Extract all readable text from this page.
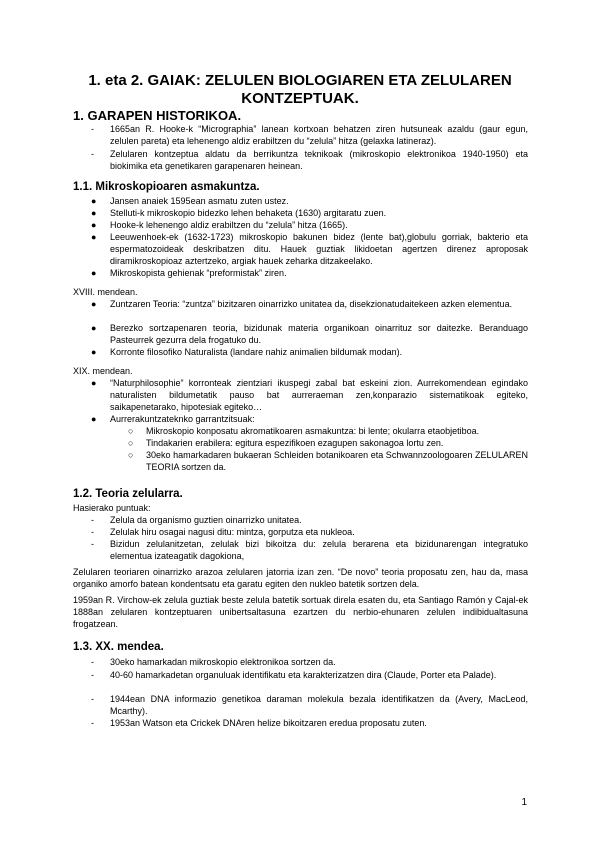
1. eta 2. GAIAK: ZELULEN BIOLOGIAREN ETA ZELULAREN KONTZEPTUAK.
1. GARAPEN HISTORIKOA.
- 1665an R. Hooke-k “Micrographia” lanean kortxoan behatzen ziren hutsuneak azaldu (gaur egun, zelulen pareta) eta lehenengo aldiz erabiltzen du “zelula” hitza (gelaxka latineraz).
- Zelularen kontzeptua aldatu da berrikuntza teknikoak (mikroskopio elektronikoa 1940-1950) eta biokimika eta genetikaren garapenaren heinean.
1.1. Mikroskopioaren asmakuntza.
● Jansen anaiek 1595ean asmatu zuten ustez.
● Stelluti-k mikroskopio bidezko lehen behaketa (1630) argitaratu zuen.
● Hooke-k lehenengo aldiz erabiltzen du “zelula” hitza (1665).
● Leeuwenhoek-ek (1632-1723) mikroskopio bakunen bidez (lente bat),globulu gorriak, bakterio eta espermatozoideak deskribatzen ditu. Hauek guztiak likidoetan agertzen direnez aproposak diramikroskopioaz aztertzeko, argiak hauek zeharka ditzakeelako.
● Mikroskopista gehienak “preformistak” ziren.
XVIII. mendean.
● Zuntzaren Teoria: “zuntza” bizitzaren oinarrizko unitatea da, disekzionatudaitekeen azken elementua.
● Berezko sortzapenaren teoria, bizidunak materia organikoan oinarrituz sor daitezke. Beranduago Pasteurrek gezurra dela frogatuko du.
● Korronte filosofiko Naturalista (landare nahiz animalien bildumak modan).
XIX. mendean.
● “Naturphilosophie” korronteak zientziari ikuspegi zabal bat eskeini zion. Aurrekomendean egindako naturalisten bildumetatik pauso bat aurreraeman zen,konparazio sistematikoak egiteko, saikapenetarako, hipotesiak egiteko…
● Aurrerakuntzateknko garrantzitsuak:
○ Mikroskopio konposatu akromatikoaren asmakuntza: bi lente; okularra etaobjetiboa.
○ Tindakarien erabilera: egitura espezifikoen ezagupen sakonagoa lortu zen.
○ 30eko hamarkadaren bukaeran Schleiden botanikoaren eta Schwannzoologoaren ZELULAREN TEORIA sortzen da.
1.2. Teoria zelularra.
Hasierako puntuak:
- Zelula da organismo guztien oinarrizko unitatea.
- Zelulak hiru osagai nagusi ditu: mintza, gorputza eta nukleoa.
- Bizidun zelulanitzetan, zelulak bizi bikoitza du: zelula berarena eta bizidunarengan integratuko elementua izateagatik dagokiona,
Zelularen teoriaren oinarrizko arazoa zelularen jatorria izan zen. “De novo” teoria proposatu zen, hau da, masa organiko amorfo batean kondentsatu eta garatu egiten den nukleo batetik sortzen dela.
1959an R. Virchow-ek zelula guztiak beste zelula batetik sortuak direla esaten du, eta Santiago Ramón y Cajal-ek 1888an zelularen kontzeptuaren unibertsaltasuna ezartzen du nerbio-ehunaren zelulen indibidualtasuna frogatzean.
1.3. XX. mendea.
- 30eko hamarkadan mikroskopio elektronikoa sortzen da.
- 40-60 hamarkadetan organuluak identifikatu eta karakterizatzen dira (Claude, Porter eta Palade).
- 1944ean DNA informazio genetikoa daraman molekula bezala identifikatzen da (Avery, MacLeod, Mcarthy).
- 1953an Watson eta Crickek DNAren helize bikoitzaren eredua proposatu zuten.
1
